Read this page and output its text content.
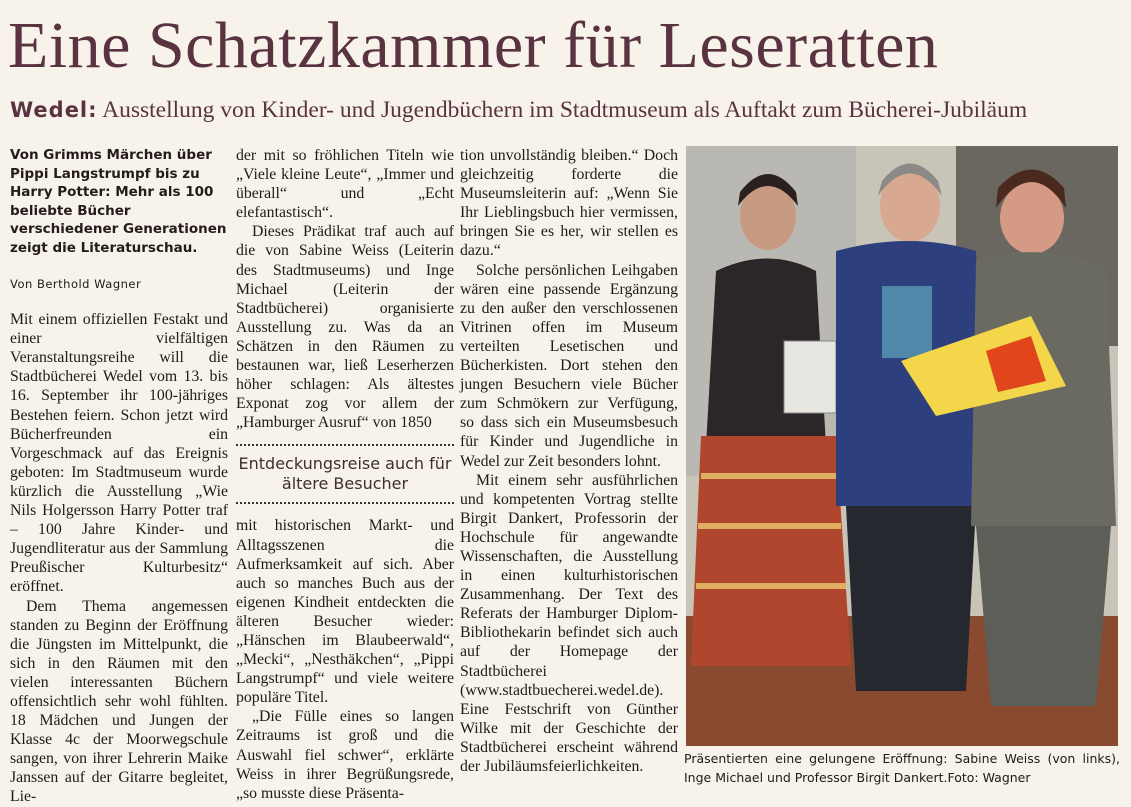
Eine Schatzkammer für Leseratten
Wedel: Ausstellung von Kinder- und Jugendbüchern im Stadtmuseum als Auftakt zum Bücherei-Jubiläum
Von Grimms Märchen über Pippi Langstrumpf bis zu Harry Potter: Mehr als 100 beliebte Bücher verschiedener Generationen zeigt die Literaturschau.
Von Berthold Wagner

Mit einem offiziellen Festakt und einer vielfältigen Veranstaltungsreihe will die Stadtbücherei Wedel vom 13. bis 16. September ihr 100-jähriges Bestehen feiern. Schon jetzt wird Bücherfreunden ein Vorgeschmack auf das Ereignis geboten: Im Stadtmuseum wurde kürzlich die Ausstellung „Wie Nils Holgersson Harry Potter traf – 100 Jahre Kinder- und Jugendliteratur aus der Sammlung Preußischer Kulturbesitz“ eröffnet.

Dem Thema angemessen standen zu Beginn der Eröffnung die Jüngsten im Mittelpunkt, die sich in den Räumen mit den vielen interessanten Büchern offensichtlich sehr wohl fühlten. 18 Mädchen und Jungen der Klasse 4c der Moorwegschule sangen, von ihrer Lehrerin Maike Janssen auf der Gitarre begleitet, Lie-

der mit so fröhlichen Titeln wie „Viele kleine Leute“, „Immer und überall“ und „Echt elefantastisch“.

Dieses Prädikat traf auch auf die von Sabine Weiss (Leiterin des Stadtmuseums) und Inge Michael (Leiterin der Stadtbücherei) organisierte Ausstellung zu. Was da an Schätzen in den Räumen zu bestaunen war, ließ Leserherzen höher schlagen: Als ältestes Exponat zog vor allem der „Hamburger Ausruf“ von 1850

Entdeckungsreise auch für ältere Besucher

mit historischen Markt- und Alltagsszenen die Aufmerksamkeit auf sich. Aber auch so manches Buch aus der eigenen Kindheit entdeckten die älteren Besucher wieder: „Hänschen im Blaubeerwald“, „Mecki“, „Nesthäkchen“, „Pippi Langstrumpf“ und viele weitere populäre Titel.

„Die Fülle eines so langen Zeitraums ist groß und die Auswahl fiel schwer“, erklärte Weiss in ihrer Begrüßungsrede, „so musste diese Präsenta-

tion unvollständig bleiben.“ Doch gleichzeitig forderte die Museumsleiterin auf: „Wenn Sie Ihr Lieblingsbuch hier vermissen, bringen Sie es her, wir stellen es dazu.“

Solche persönlichen Leihgaben wären eine passende Ergänzung zu den außer den verschlossenen Vitrinen offen im Museum verteilten Lesetischen und Bücherkisten. Dort stehen den jungen Besuchern viele Bücher zum Schmökern zur Verfügung, so dass sich ein Museumsbesuch für Kinder und Jugendliche in Wedel zur Zeit besonders lohnt.

Mit einem sehr ausführlichen und kompetenten Vortrag stellte Birgit Dankert, Professorin der Hochschule für angewandte Wissenschaften, die Ausstellung in einen kulturhistorischen Zusammenhang. Der Text des Referats der Hamburger Diplom-Bibliothekarin befindet sich auch auf der Homepage der Stadtbücherei (www.stadtbuecherei.wedel.de). Eine Festschrift von Günther Wilke mit der Geschichte der Stadtbücherei erscheint während der Jubiläumsfeierlichkeiten.	Präsentierten eine gelungene Eröffnung: Sabine Weiss (von links), Inge Michael und Professor Birgit Dankert.Foto: Wagner
